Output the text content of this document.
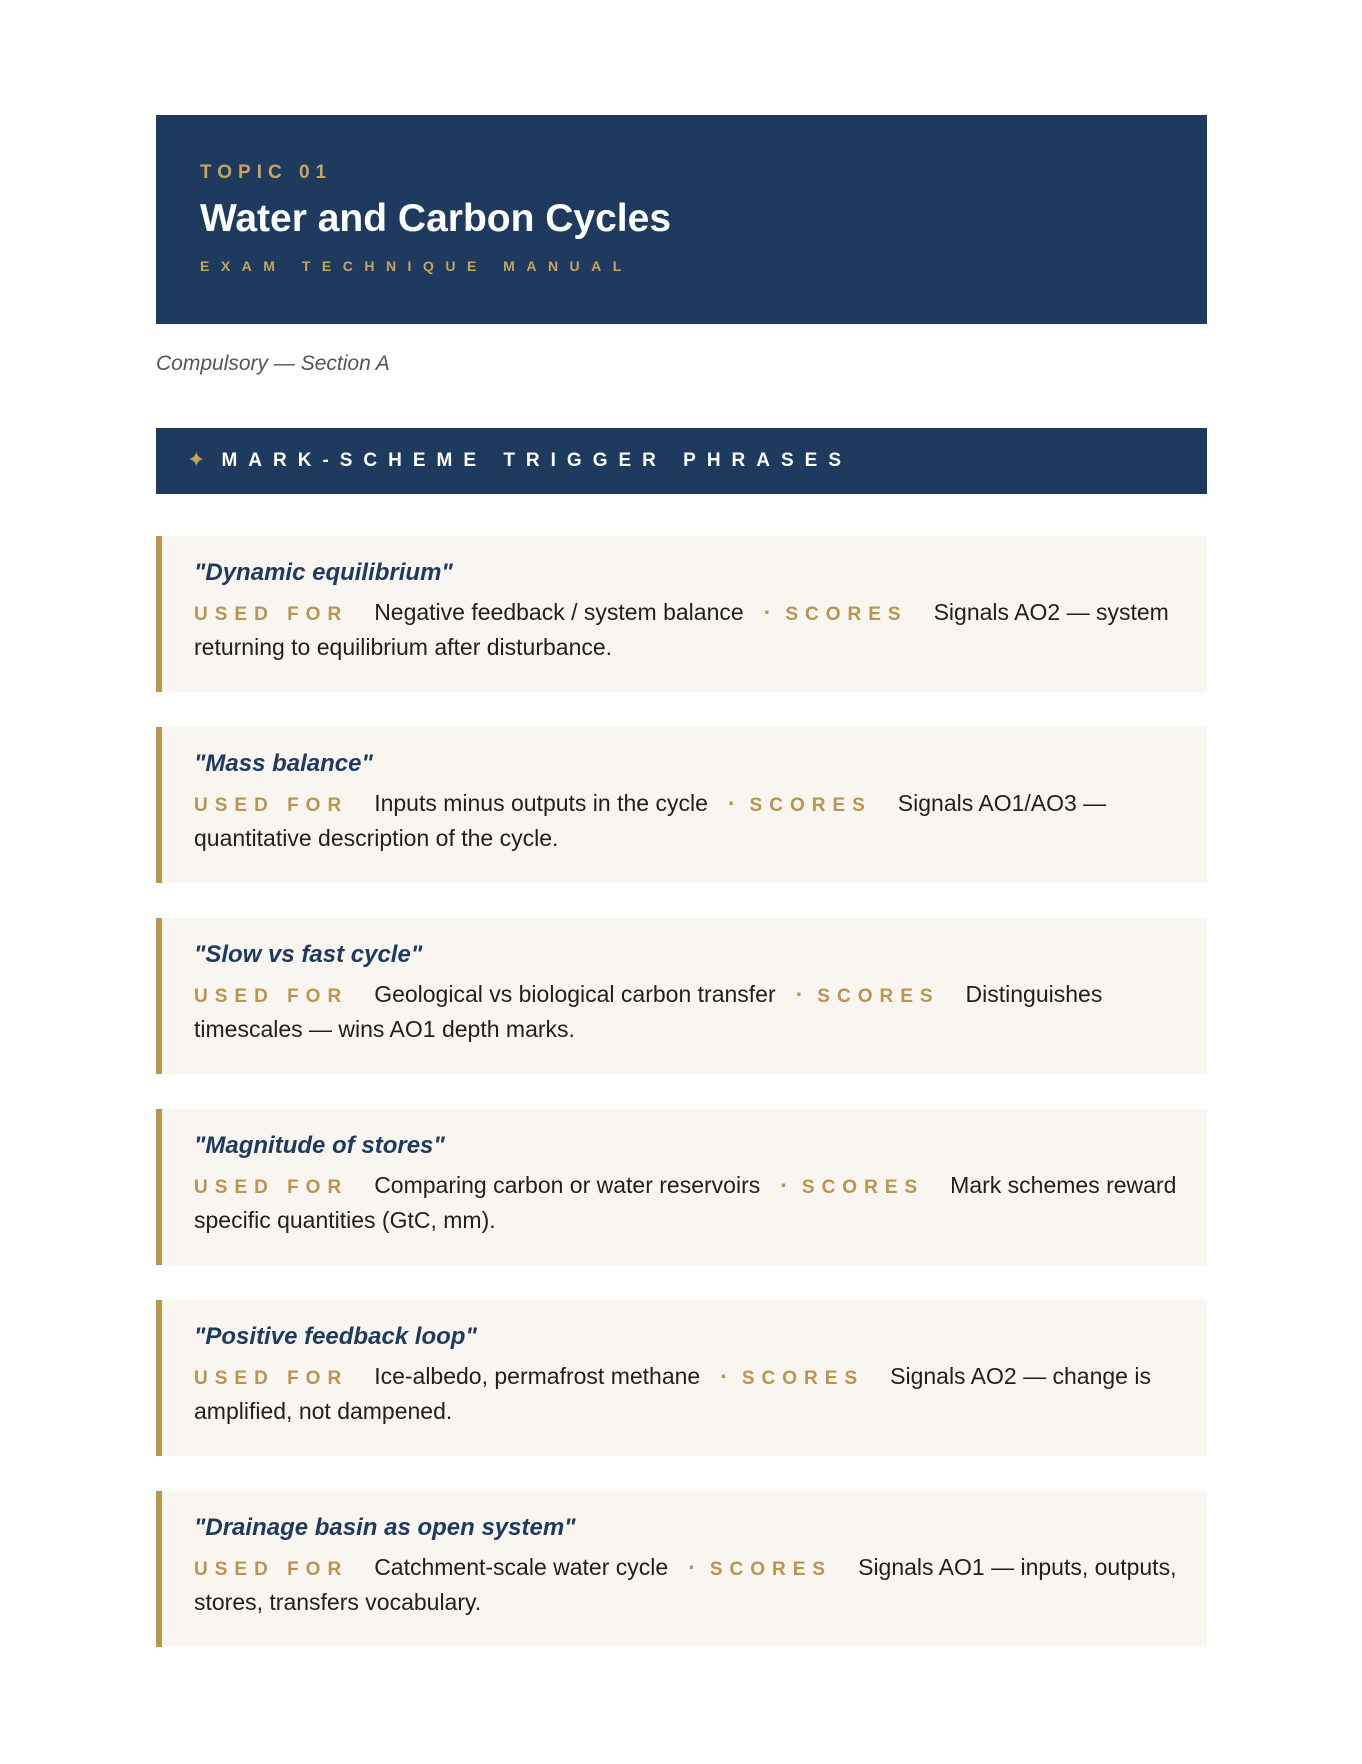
TOPIC 01
Water and Carbon Cycles
EXAM TECHNIQUE MANUAL
Compulsory — Section A
✦ MARK-SCHEME TRIGGER PHRASES
"Dynamic equilibrium"
USED FOR Negative feedback / system balance · SCORES Signals AO2 — system returning to equilibrium after disturbance.
"Mass balance"
USED FOR Inputs minus outputs in the cycle · SCORES Signals AO1/AO3 — quantitative description of the cycle.
"Slow vs fast cycle"
USED FOR Geological vs biological carbon transfer · SCORES Distinguishes timescales — wins AO1 depth marks.
"Magnitude of stores"
USED FOR Comparing carbon or water reservoirs · SCORES Mark schemes reward specific quantities (GtC, mm).
"Positive feedback loop"
USED FOR Ice-albedo, permafrost methane · SCORES Signals AO2 — change is amplified, not dampened.
"Drainage basin as open system"
USED FOR Catchment-scale water cycle · SCORES Signals AO1 — inputs, outputs, stores, transfers vocabulary.
